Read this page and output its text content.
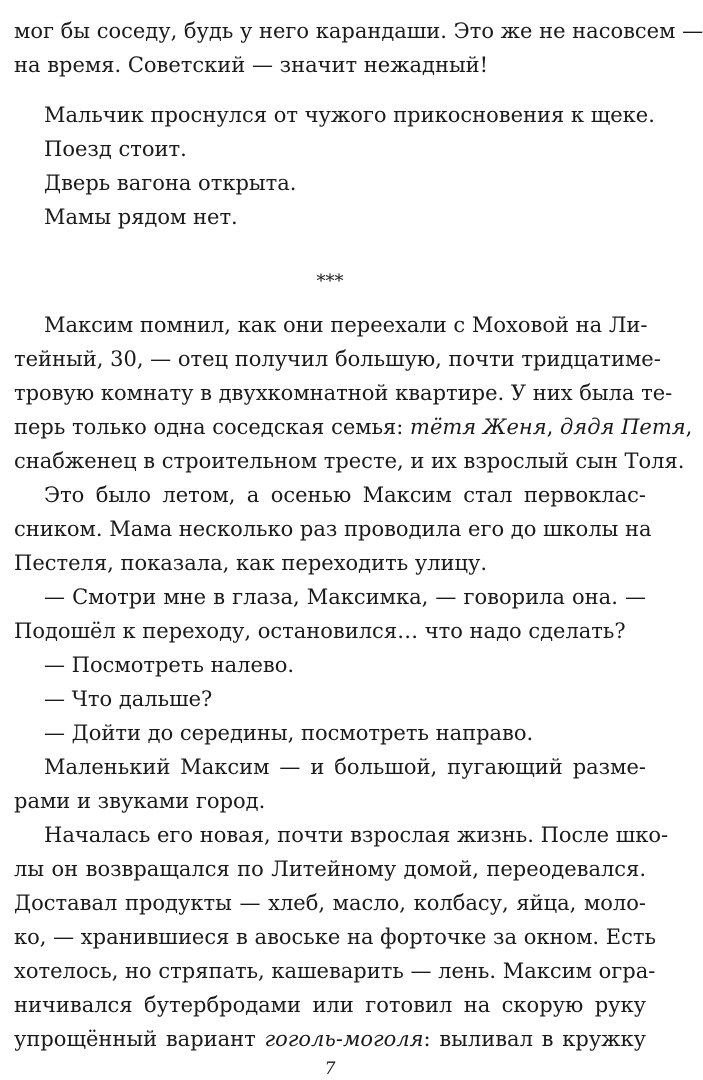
мог бы соседу, будь у него карандаши. Это же не насовсем —
на время. Советский — значит нежадный!
Мальчик проснулся от чужого прикосновения к щеке.
Поезд стоит.
Дверь вагона открыта.
Мамы рядом нет.
***
Максим помнил, как они переехали с Моховой на Ли-
тейный, 30, — отец получил большую, почти тридцатиме-
тровую комнату в двухкомнатной квартире. У них была те-
перь только одна соседская семья: тётя Женя, дядя Петя,
снабженец в строительном тресте, и их взрослый сын Толя.
Это было летом, а осенью Максим стал первоклас-
сником. Мама несколько раз проводила его до школы на
Пестеля, показала, как переходить улицу.
— Смотри мне в глаза, Максимка, — говорила она. —
Подошёл к переходу, остановился… что надо сделать?
— Посмотреть налево.
— Что дальше?
— Дойти до середины, посмотреть направо.
Маленький Максим — и большой, пугающий разме-
рами и звуками город.
Началась его новая, почти взрослая жизнь. После шко-
лы он возвращался по Литейному домой, переодевался.
Доставал продукты — хлеб, масло, колбасу, яйца, моло-
ко, — хранившиеся в авоське на форточке за окном. Есть
хотелось, но стряпать, кашеварить — лень. Максим огра-
ничивался бутербродами или готовил на скорую руку
упрощённый вариант гоголь-моголя: выливал в кружку
7
